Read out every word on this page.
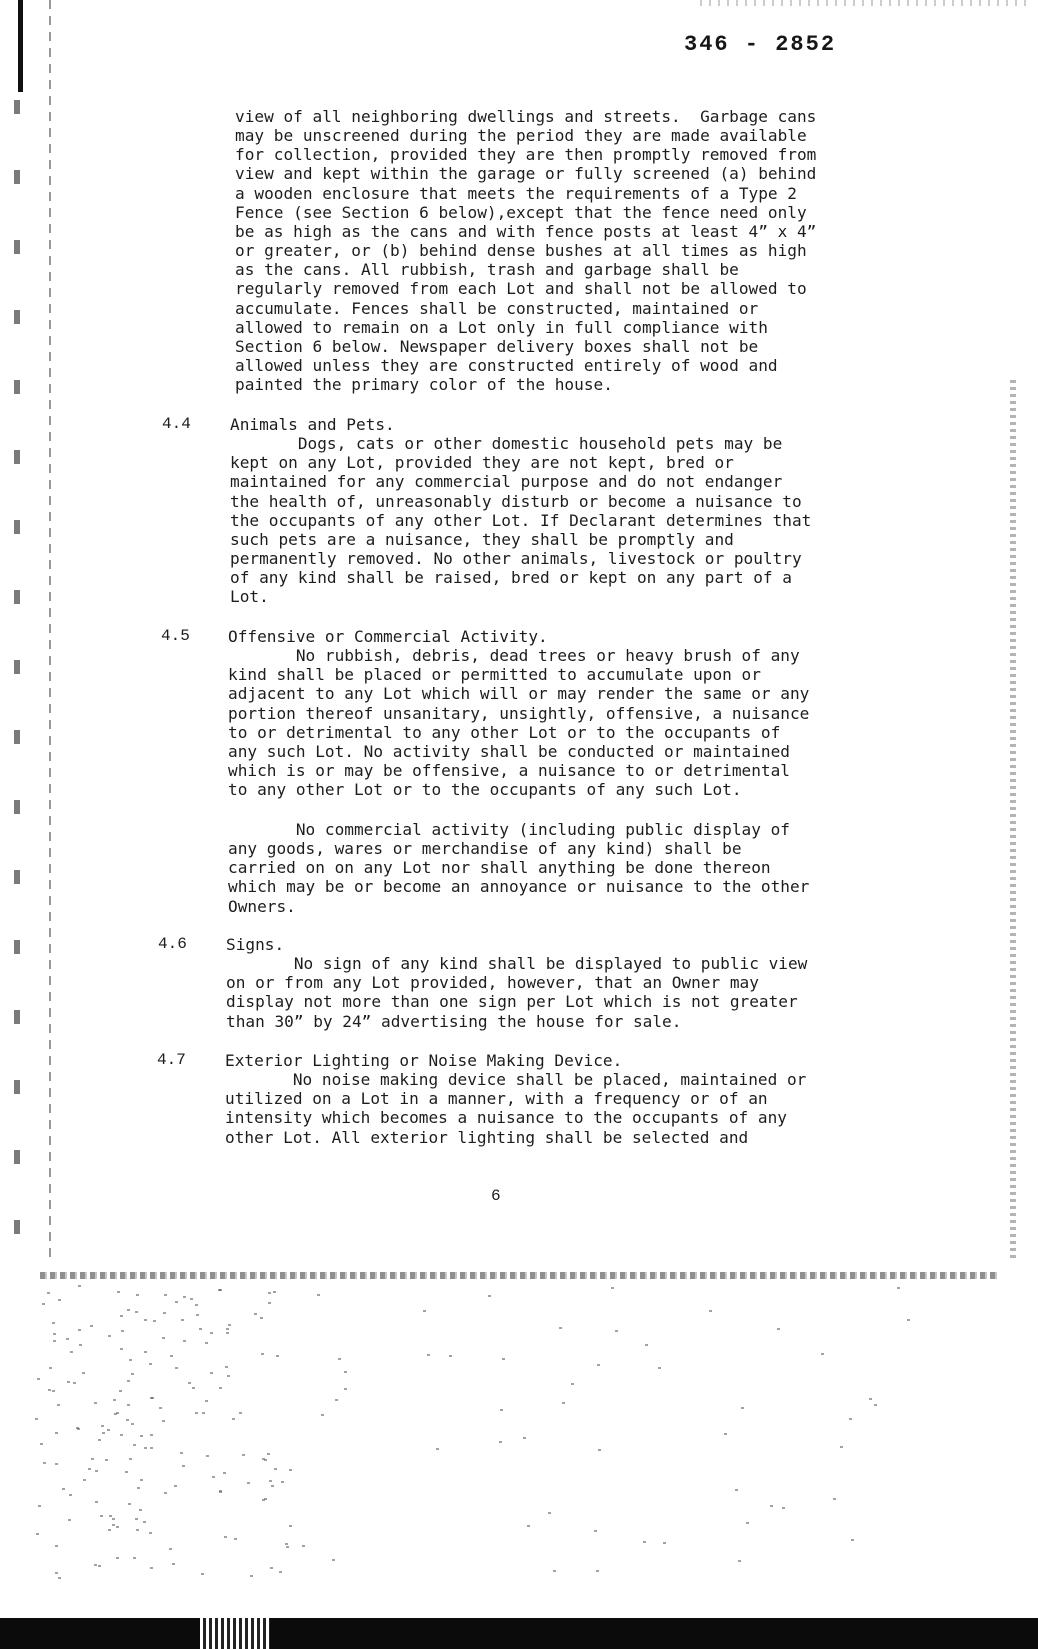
346 - 2852
view of all neighboring dwellings and streets.  Garbage cans
may be unscreened during the period they are made available
for collection, provided they are then promptly removed from
view and kept within the garage or fully screened (a) behind
a wooden enclosure that meets the requirements of a Type 2
Fence (see Section 6 below),except that the fence need only
be as high as the cans and with fence posts at least 4” x 4”
or greater, or (b) behind dense bushes at all times as high
as the cans. All rubbish, trash and garbage shall be
regularly removed from each Lot and shall not be allowed to
accumulate. Fences shall be constructed, maintained or
allowed to remain on a Lot only in full compliance with
Section 6 below. Newspaper delivery boxes shall not be
allowed unless they are constructed entirely of wood and
painted the primary color of the house.
4.4 Animals and Pets.
Dogs, cats or other domestic household pets may be
kept on any Lot, provided they are not kept, bred or
maintained for any commercial purpose and do not endanger
the health of, unreasonably disturb or become a nuisance to
the occupants of any other Lot. If Declarant determines that
such pets are a nuisance, they shall be promptly and
permanently removed. No other animals, livestock or poultry
of any kind shall be raised, bred or kept on any part of a
Lot.
4.5 Offensive or Commercial Activity.
No rubbish, debris, dead trees or heavy brush of any
kind shall be placed or permitted to accumulate upon or
adjacent to any Lot which will or may render the same or any
portion thereof unsanitary, unsightly, offensive, a nuisance
to or detrimental to any other Lot or to the occupants of
any such Lot. No activity shall be conducted or maintained
which is or may be offensive, a nuisance to or detrimental
to any other Lot or to the occupants of any such Lot.
No commercial activity (including public display of
any goods, wares or merchandise of any kind) shall be
carried on on any Lot nor shall anything be done thereon
which may be or become an annoyance or nuisance to the other
Owners.
4.6 Signs.
No sign of any kind shall be displayed to public view
on or from any Lot provided, however, that an Owner may
display not more than one sign per Lot which is not greater
than 30” by 24” advertising the house for sale.
4.7 Exterior Lighting or Noise Making Device.
No noise making device shall be placed, maintained or
utilized on a Lot in a manner, with a frequency or of an
intensity which becomes a nuisance to the occupants of any
other Lot. All exterior lighting shall be selected and
6
